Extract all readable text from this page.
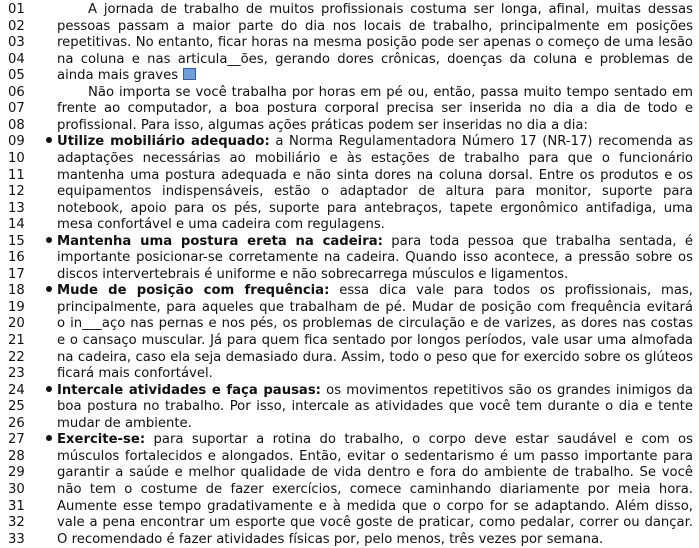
01	A jornada de trabalho de muitos profissionais costuma ser longa, afinal, muitas dessas
02	pessoas passam a maior parte do dia nos locais de trabalho, principalmente em posições
03	repetitivas. No entanto, ficar horas na mesma posição pode ser apenas o começo de uma lesão
04	na coluna e nas articula__ões, gerando dores crônicas, doenças da coluna e problemas de
05	ainda mais graves
06	Não importa se você trabalha por horas em pé ou, então, passa muito tempo sentado em
07	frente ao computador, a boa postura corporal precisa ser inserida no dia a dia de todo e
08	profissional. Para isso, algumas ações práticas podem ser inseridas no dia a dia:
09	Utilize mobiliário adequado: a Norma Regulamentadora Número 17 (NR-17) recomenda as
10	adaptações necessárias ao mobiliário e às estações de trabalho para que o funcionário
11	mantenha uma postura adequada e não sinta dores na coluna dorsal. Entre os produtos e os
12	equipamentos indispensáveis, estão o adaptador de altura para monitor, suporte para
13	notebook, apoio para os pés, suporte para antebraços, tapete ergonômico antifadiga, uma
14	mesa confortável e uma cadeira com regulagens.
15	Mantenha uma postura ereta na cadeira: para toda pessoa que trabalha sentada, é
16	importante posicionar-se corretamente na cadeira. Quando isso acontece, a pressão sobre os
17	discos intervertebrais é uniforme e não sobrecarrega músculos e ligamentos.
18	Mude de posição com frequência: essa dica vale para todos os profissionais, mas,
19	principalmente, para aqueles que trabalham de pé. Mudar de posição com frequência evitará
20	o in___aço nas pernas e nos pés, os problemas de circulação e de varizes, as dores nas costas
21	e o cansaço muscular. Já para quem fica sentado por longos períodos, vale usar uma almofada
22	na cadeira, caso ela seja demasiado dura. Assim, todo o peso que for exercido sobre os glúteos
23	ficará mais confortável.
24	Intercale atividades e faça pausas: os movimentos repetitivos são os grandes inimigos da
25	boa postura no trabalho. Por isso, intercale as atividades que você tem durante o dia e tente
26	mudar de ambiente.
27	Exercite-se: para suportar a rotina do trabalho, o corpo deve estar saudável e com os
28	músculos fortalecidos e alongados. Então, evitar o sedentarismo é um passo importante para
29	garantir a saúde e melhor qualidade de vida dentro e fora do ambiente de trabalho. Se você
30	não tem o costume de fazer exercícios, comece caminhando diariamente por meia hora.
31	Aumente esse tempo gradativamente e à medida que o corpo for se adaptando. Além disso,
32	vale a pena encontrar um esporte que você goste de praticar, como pedalar, correr ou dançar.
33	O recomendado é fazer atividades físicas por, pelo menos, três vezes por semana.
